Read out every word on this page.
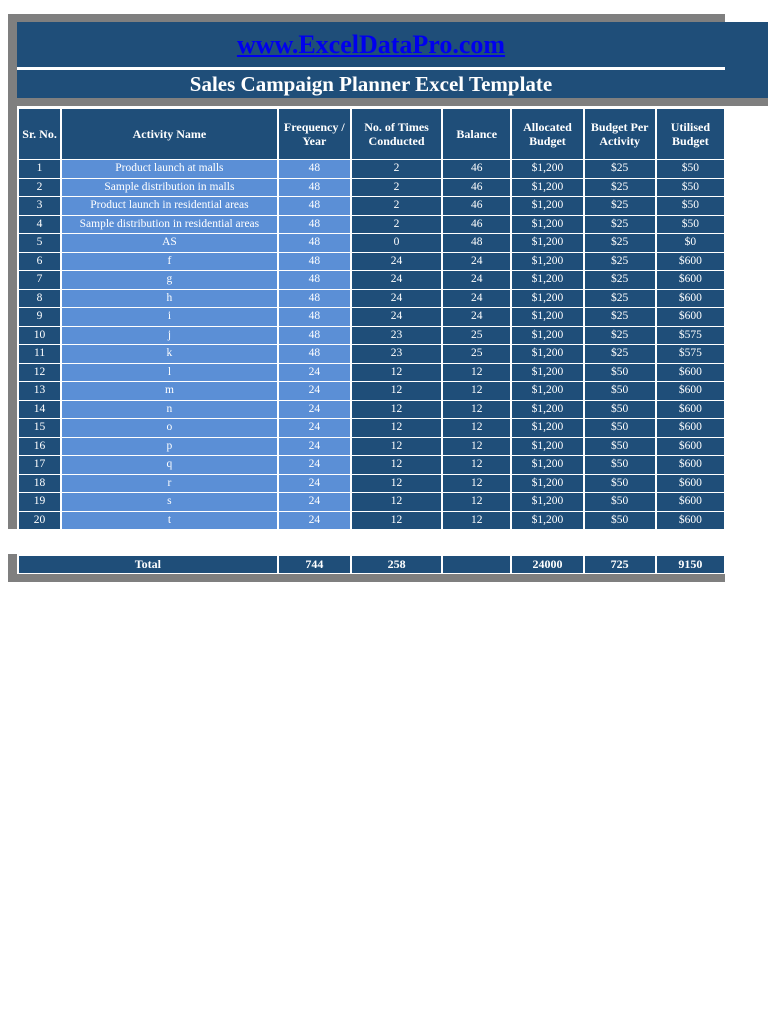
www.ExcelDataPro.com
Sales Campaign Planner Excel Template
Sr. No.	Activity Name	Frequency / Year	No. of Times Conducted	Balance	Allocated Budget	Budget Per Activity	Utilised Budget
1	Product launch at malls	48	2	46	$1,200	$25	$50
2	Sample distribution in malls	48	2	46	$1,200	$25	$50
3	Product launch in residential areas	48	2	46	$1,200	$25	$50
4	Sample distribution in residential areas	48	2	46	$1,200	$25	$50
5	AS	48	0	48	$1,200	$25	$0
6	f	48	24	24	$1,200	$25	$600
7	g	48	24	24	$1,200	$25	$600
8	h	48	24	24	$1,200	$25	$600
9	i	48	24	24	$1,200	$25	$600
10	j	48	23	25	$1,200	$25	$575
11	k	48	23	25	$1,200	$25	$575
12	l	24	12	12	$1,200	$50	$600
13	m	24	12	12	$1,200	$50	$600
14	n	24	12	12	$1,200	$50	$600
15	o	24	12	12	$1,200	$50	$600
16	p	24	12	12	$1,200	$50	$600
17	q	24	12	12	$1,200	$50	$600
18	r	24	12	12	$1,200	$50	$600
19	s	24	12	12	$1,200	$50	$600
20	t	24	12	12	$1,200	$50	$600
Total	744	258		24000	725	9150
